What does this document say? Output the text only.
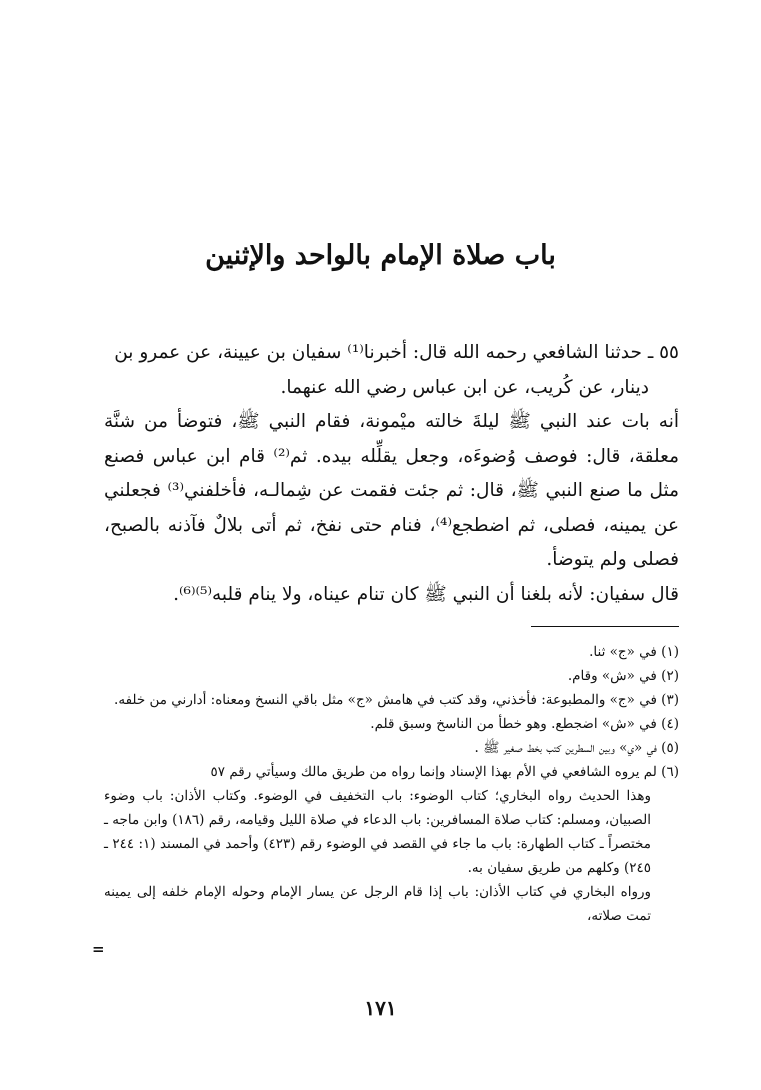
باب صلاة الإمام بالواحد والإثنين

٥٥ ـ حدثنا الشافعي رحمه الله قال: أخبرنا⁽¹⁾ سفيان بن عيينة، عن عمرو بن

دينار، عن كُريب، عن ابن عباس رضي الله عنهما.

أنه بات عند النبي ﷺ ليلةَ خالته ميْمونة، فقام النبي ﷺ، فتوضأ من شنَّة معلقة، قال: فوصف وُضوءَه، وجعل يقلِّله بيده. ثم⁽²⁾ قام ابن عباس فصنع مثل ما صنع النبي ﷺ، قال: ثم جئت فقمت عن شِمالـه، فأخلفني⁽³⁾ فجعلني عن يمينه، فصلى، ثم اضطجع⁽⁴⁾، فنام حتى نفخ، ثم أتى بلالٌ فآذنه بالصبح، فصلى ولم يتوضأ.

قال سفيان: لأنه بلغنا أن النبي ﷺ كان تنام عيناه، ولا ينام قلبه⁽⁵⁾⁽⁶⁾.

(١) في «ج» ثنا.

(٢) في «ش» وقام.

(٣) في «ج» والمطبوعة: فأخذني، وقد كتب في هامش «ج» مثل باقي النسخ ومعناه: أدارني من خلفه.

(٤) في «ش» اضجطع. وهو خطأ من الناسخ وسبق قلم.

(٥) في «ي» وبين السطرين كتب بخط صغير ﷺ .

(٦) لم يروه الشافعي في الأم بهذا الإسناد وإنما رواه من طريق مالك وسيأتي رقم ٥٧

وهذا الحديث رواه البخاري؛ كتاب الوضوء: باب التخفيف في الوضوء. وكتاب الأذان: باب وضوء الصبيان، ومسلم: كتاب صلاة المسافرين: باب الدعاء في صلاة الليل وقيامه، رقم (١٨٦) وابن ماجه ـ مختصراً ـ كتاب الطهارة: باب ما جاء في القصد في الوضوء رقم (٤٢٣) وأحمد في المسند (١: ٢٤٤ ـ ٢٤٥) وكلهم من طريق سفيان به.

ورواه البخاري في كتاب الأذان: باب إذا قام الرجل عن يسار الإمام وحوله الإمام خلفه إلى يمينه تمت صلاته،

=
١٧١
